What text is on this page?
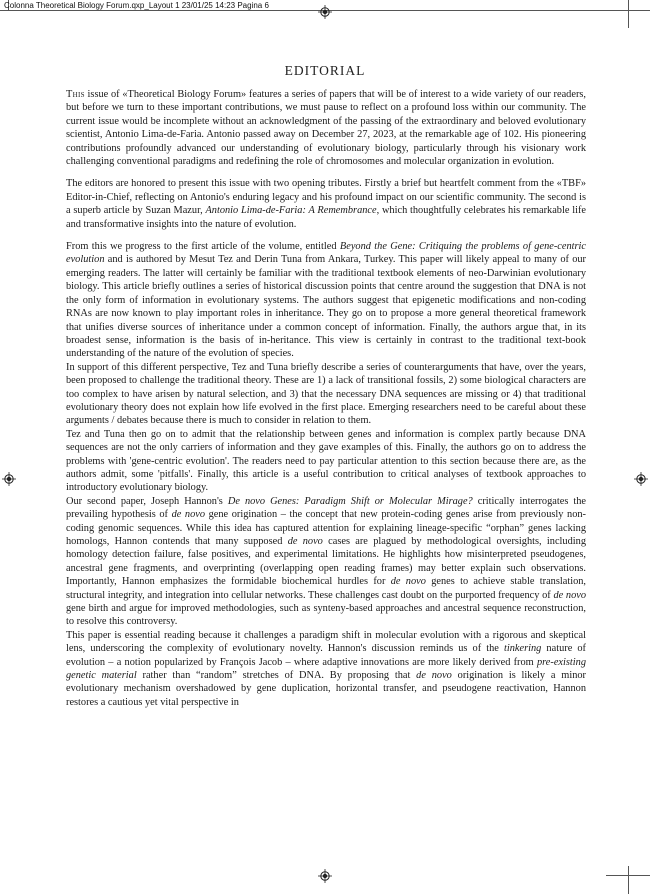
Colonna Theoretical Biology Forum.qxp_Layout 1 23/01/25 14:23 Pagina 6
EDITORIAL

This issue of «Theoretical Biology Forum» features a series of papers that will be of interest to a wide variety of our readers, but before we turn to these important contributions, we must pause to reflect on a profound loss within our community. The current issue would be incomplete without an acknowledgment of the passing of the extraordinary and beloved evolutionary scientist, Antonio Lima-de-Faria. Antonio passed away on December 27, 2023, at the remarkable age of 102. His pioneering contributions profoundly advanced our understanding of evolutionary biology, particularly through his visionary work challenging conventional paradigms and redefining the role of chromosomes and molecular organization in evolution.

The editors are honored to present this issue with two opening tributes. Firstly a brief but heartfelt comment from the «TBF» Editor-in-Chief, reflecting on Antonio's enduring legacy and his profound impact on our scientific community. The second is a superb article by Suzan Mazur, Antonio Lima-de-Faria: A Remembrance, which thoughtfully celebrates his remarkable life and transformative insights into the nature of evolution.

From this we progress to the first article of the volume, entitled Beyond the Gene: Critiquing the problems of gene-centric evolution and is authored by Mesut Tez and Derin Tuna from Ankara, Turkey. This paper will likely appeal to many of our emerging readers. The latter will certainly be familiar with the traditional textbook elements of neo-Darwinian evolutionary biology. This article briefly outlines a series of historical discussion points that centre around the suggestion that DNA is not the only form of information in evolutionary systems. The authors suggest that epigenetic modifications and non-coding RNAs are now known to play important roles in inheritance. They go on to propose a more general theoretical framework that unifies diverse sources of inheritance under a common concept of information. Finally, the authors argue that, in its broadest sense, information is the basis of in-heritance. This view is certainly in contrast to the traditional text-book understanding of the nature of the evolution of species.

In support of this different perspective, Tez and Tuna briefly describe a series of counterarguments that have, over the years, been proposed to challenge the traditional theory. These are 1) a lack of transitional fossils, 2) some biological characters are too complex to have arisen by natural selection, and 3) that the necessary DNA sequences are missing or 4) that traditional evolutionary theory does not explain how life evolved in the first place. Emerging researchers need to be careful about these arguments / debates because there is much to consider in relation to them.

Tez and Tuna then go on to admit that the relationship between genes and information is complex partly because DNA sequences are not the only carriers of information and they gave examples of this. Finally, the authors go on to address the problems with 'gene-centric evolution'. The readers need to pay particular attention to this section because there are, as the authors admit, some 'pitfalls'. Finally, this article is a useful contribution to critical analyses of textbook approaches to introductory evolutionary biology.

Our second paper, Joseph Hannon's De novo Genes: Paradigm Shift or Molecular Mirage? critically interrogates the prevailing hypothesis of de novo gene origination – the concept that new protein-coding genes arise from previously non-coding genomic sequences. While this idea has captured attention for explaining lineage-specific “orphan” genes lacking homologs, Hannon contends that many supposed de novo cases are plagued by methodological oversights, including homology detection failure, false positives, and experimental limitations. He highlights how misinterpreted pseudogenes, ancestral gene fragments, and overprinting (overlapping open reading frames) may better explain such observations. Importantly, Hannon emphasizes the formidable biochemical hurdles for de novo genes to achieve stable translation, structural integrity, and integration into cellular networks. These challenges cast doubt on the purported frequency of de novo gene birth and argue for improved methodologies, such as synteny-based approaches and ancestral sequence reconstruction, to resolve this controversy.

This paper is essential reading because it challenges a paradigm shift in molecular evolution with a rigorous and skeptical lens, underscoring the complexity of evolutionary novelty. Hannon's discussion reminds us of the tinkering nature of evolution – a notion popularized by François Jacob – where adaptive innovations are more likely derived from pre-existing genetic material rather than “random” stretches of DNA. By proposing that de novo origination is likely a minor evolutionary mechanism overshadowed by gene duplication, horizontal transfer, and pseudogene reactivation, Hannon restores a cautious yet vital perspective in
